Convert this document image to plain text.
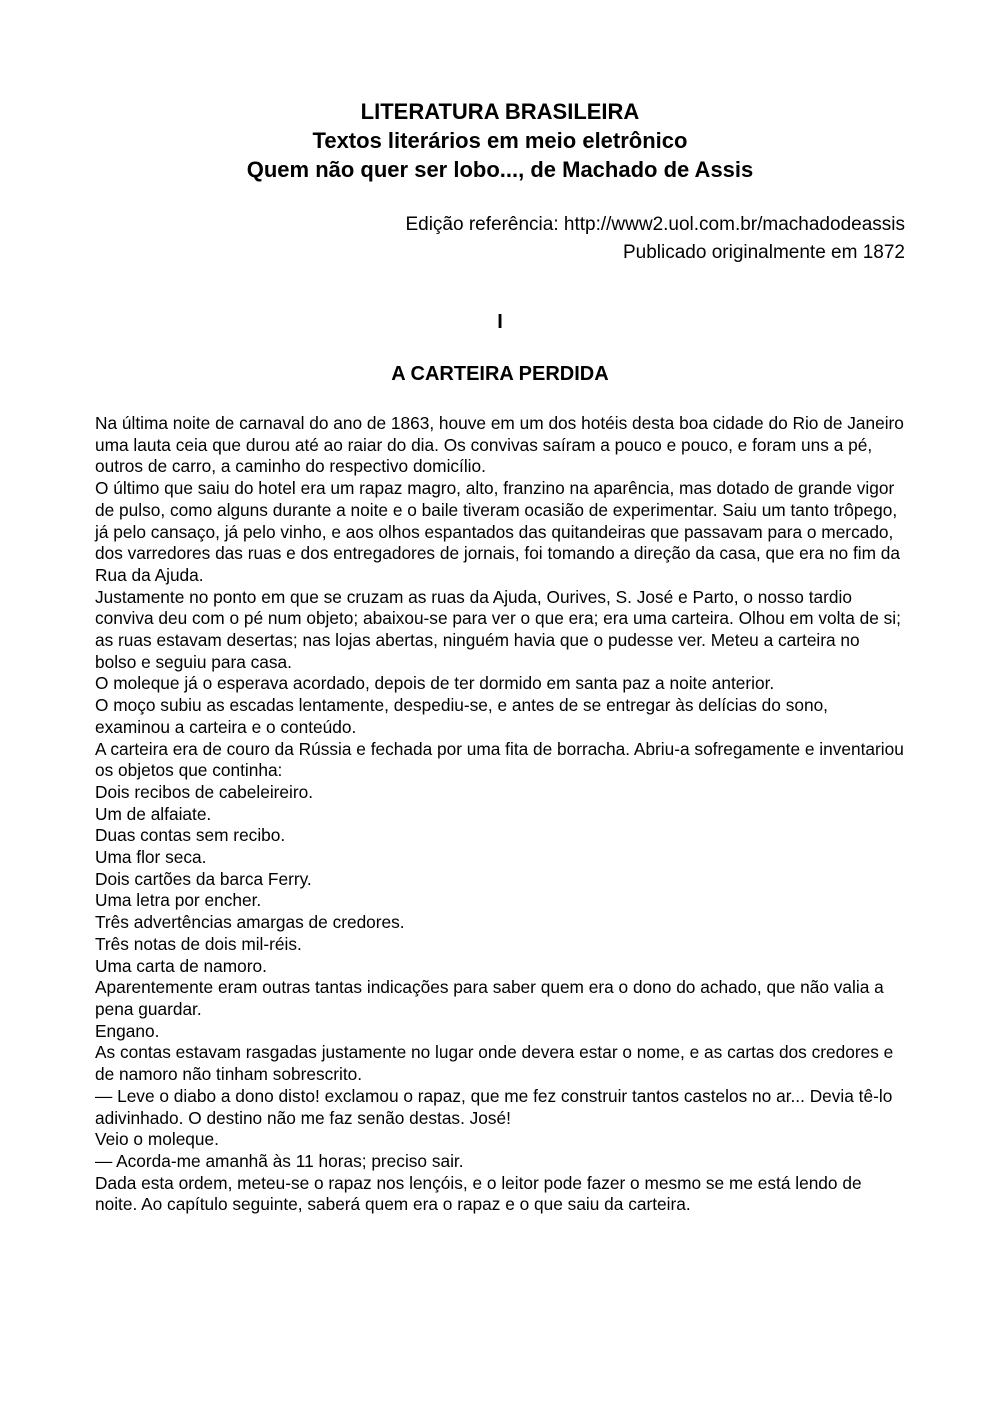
LITERATURA BRASILEIRA
Textos literários em meio eletrônico
Quem não quer ser lobo..., de Machado de Assis
Edição referência: http://www2.uol.com.br/machadodeassis
Publicado originalmente em 1872
I
A CARTEIRA PERDIDA

Na última noite de carnaval do ano de 1863, houve em um dos hotéis desta boa cidade do Rio de Janeiro uma lauta ceia que durou até ao raiar do dia. Os convivas saíram a pouco e pouco, e foram uns a pé, outros de carro, a caminho do respectivo domicílio.

O último que saiu do hotel era um rapaz magro, alto, franzino na aparência, mas dotado de grande vigor de pulso, como alguns durante a noite e o baile tiveram ocasião de experimentar. Saiu um tanto trôpego, já pelo cansaço, já pelo vinho, e aos olhos espantados das quitandeiras que passavam para o mercado, dos varredores das ruas e dos entregadores de jornais, foi tomando a direção da casa, que era no fim da Rua da Ajuda.

Justamente no ponto em que se cruzam as ruas da Ajuda, Ourives, S. José e Parto, o nosso tardio conviva deu com o pé num objeto; abaixou-se para ver o que era; era uma carteira. Olhou em volta de si; as ruas estavam desertas; nas lojas abertas, ninguém havia que o pudesse ver. Meteu a carteira no bolso e seguiu para casa.

O moleque já o esperava acordado, depois de ter dormido em santa paz a noite anterior.

O moço subiu as escadas lentamente, despediu-se, e antes de se entregar às delícias do sono, examinou a carteira e o conteúdo.

A carteira era de couro da Rússia e fechada por uma fita de borracha. Abriu-a sofregamente e inventariou os objetos que continha:

Dois recibos de cabeleireiro.

Um de alfaiate.

Duas contas sem recibo.

Uma flor seca.

Dois cartões da barca Ferry.

Uma letra por encher.

Três advertências amargas de credores.

Três notas de dois mil-réis.

Uma carta de namoro.

Aparentemente eram outras tantas indicações para saber quem era o dono do achado, que não valia a pena guardar.

Engano.

As contas estavam rasgadas justamente no lugar onde devera estar o nome, e as cartas dos credores e de namoro não tinham sobrescrito.

— Leve o diabo a dono disto! exclamou o rapaz, que me fez construir tantos castelos no ar... Devia tê-lo adivinhado. O destino não me faz senão destas. José!

Veio o moleque.

— Acorda-me amanhã às 11 horas; preciso sair.

Dada esta ordem, meteu-se o rapaz nos lençóis, e o leitor pode fazer o mesmo se me está lendo de noite. Ao capítulo seguinte, saberá quem era o rapaz e o que saiu da carteira.
